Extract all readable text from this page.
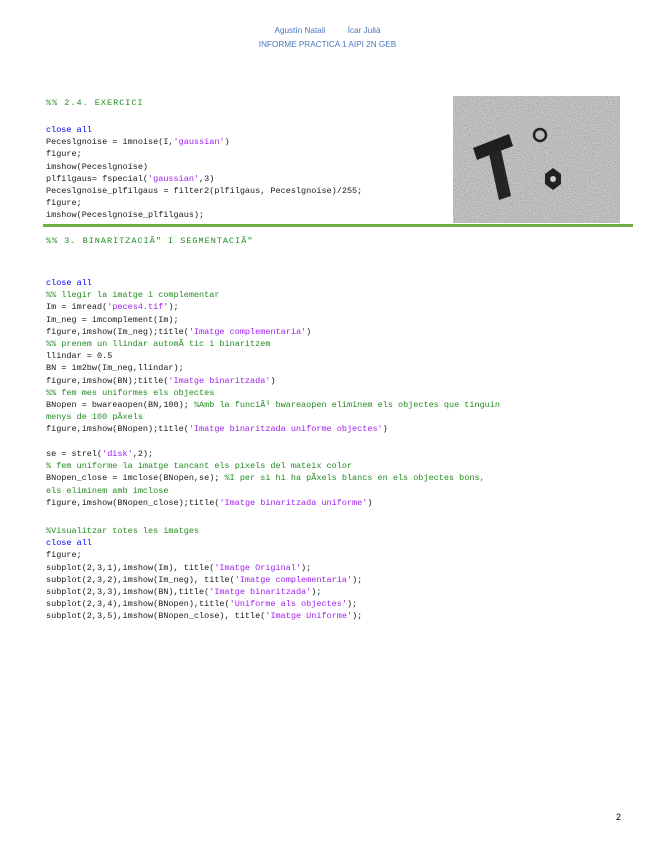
Agustín Natali	Ícar Julià
INFORME PRACTICA 1 AIPI 2N GEB
%% 2.4. EXERCICI
close all
Peceslgnoise = imnoise(I,'gaussian')
figure;
imshow(Peceslgnoise)
plfilgaus= fspecial('gaussian',3)
Peceslgnoise_plfilgaus = filter2(plfilgaus, Peceslgnoise)/255;
figure;
imshow(Peceslgnoise_plfilgaus);
%% 3. BINARITZACIÃ" I SEGMENTACIÃ"
close all
%% llegir la imatge i complementar
Im = imread('peces4.tif');
Im_neg = imcomplement(Im);
figure,imshow(Im_neg);title('Imatge complementaria')
%% prenem un llindar automÃ tic i binaritzem
llindar = 0.5
BN = im2bw(Im_neg,llindar);
figure,imshow(BN);title('Imatge binaritzada')
%% fem mes uniformes els objectes
BNopen = bwareaopen(BN,100); %Amb la funciÃ³ bwareaopen eliminem els objectes que tinguin
menys de 100 pÃxels
figure,imshow(BNopen);title('Imatge binaritzada uniforme objectes')
se = strel('disk',2);
% fem uniforme la imatge tancant els pixels del mateix color
BNopen_close = imclose(BNopen,se); %I per si hi ha pÃxels blancs en els objectes bons,
els eliminem amb imclose
figure,imshow(BNopen_close);title('Imatge binaritzada uniforme')
%Visualitzar totes les imatges
close all
figure;
subplot(2,3,1),imshow(Im), title('Imatge Original');
subplot(2,3,2),imshow(Im_neg), title('Imatge complementaria');
subplot(2,3,3),imshow(BN),title('Imatge binaritzada');
subplot(2,3,4),imshow(BNopen),title('Uniforme als objectes');
subplot(2,3,5),imshow(BNopen_close), title('Imatge Uniforme');
2
